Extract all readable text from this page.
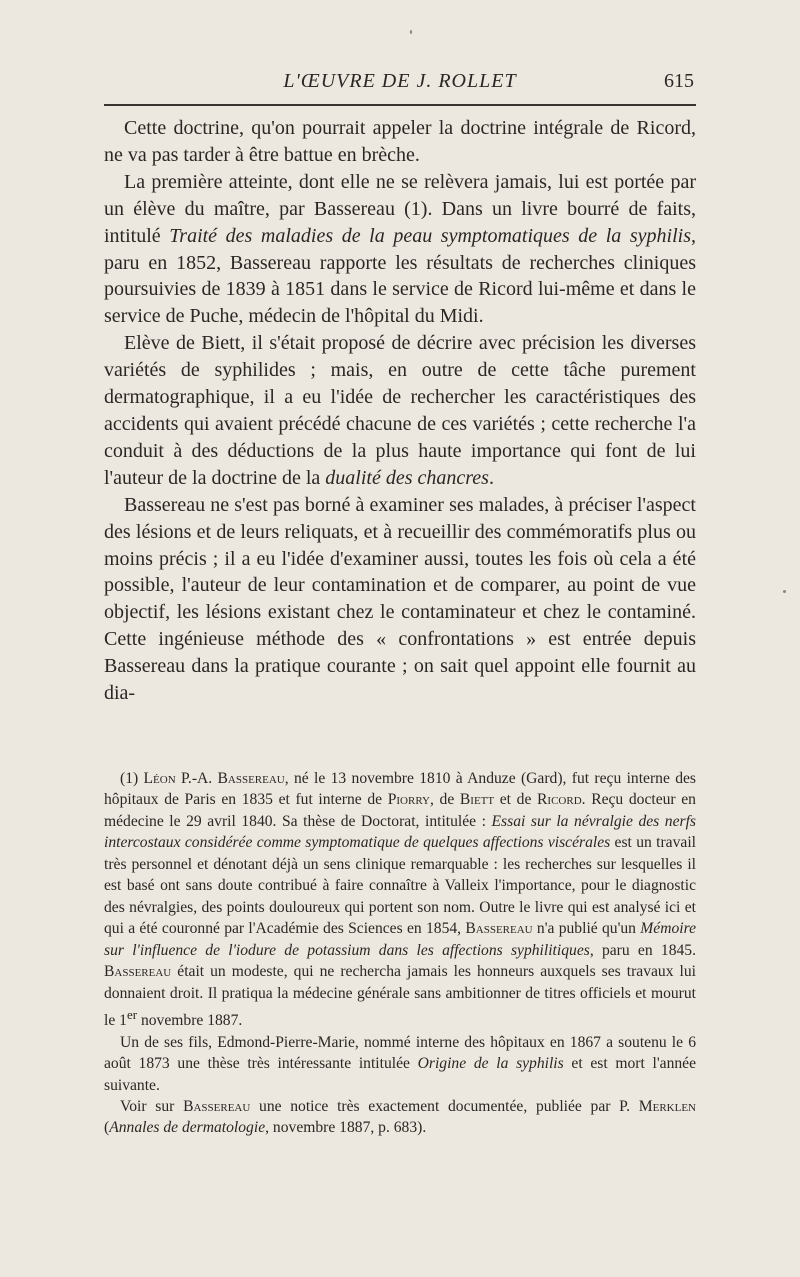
L'ŒUVRE DE J. ROLLET	615

Cette doctrine, qu'on pourrait appeler la doctrine intégrale de Ricord, ne va pas tarder à être battue en brèche.

La première atteinte, dont elle ne se relèvera jamais, lui est portée par un élève du maître, par Bassereau (1). Dans un livre bourré de faits, intitulé Traité des maladies de la peau symptomatiques de la syphilis, paru en 1852, Bassereau rapporte les résultats de recherches cliniques poursuivies de 1839 à 1851 dans le service de Ricord lui-même et dans le service de Puche, médecin de l'hôpital du Midi.

Elève de Biett, il s'était proposé de décrire avec précision les diverses variétés de syphilides ; mais, en outre de cette tâche purement dermatographique, il a eu l'idée de rechercher les caractéristiques des accidents qui avaient précédé chacune de ces variétés ; cette recherche l'a conduit à des déductions de la plus haute importance qui font de lui l'auteur de la doctrine de la dualité des chancres.

Bassereau ne s'est pas borné à examiner ses malades, à préciser l'aspect des lésions et de leurs reliquats, et à recueillir des commémoratifs plus ou moins précis ; il a eu l'idée d'examiner aussi, toutes les fois où cela a été possible, l'auteur de leur contamination et de comparer, au point de vue objectif, les lésions existant chez le contaminateur et chez le contaminé. Cette ingénieuse méthode des « confrontations » est entrée depuis Bassereau dans la pratique courante ; on sait quel appoint elle fournit au dia-

(1) Léon P.-A. Bassereau, né le 13 novembre 1810 à Anduze (Gard), fut reçu interne des hôpitaux de Paris en 1835 et fut interne de Piorry, de Biett et de Ricord. Reçu docteur en médecine le 29 avril 1840. Sa thèse de Doctorat, intitulée : Essai sur la névralgie des nerfs intercostaux considérée comme symptomatique de quelques affections viscérales est un travail très personnel et dénotant déjà un sens clinique remarquable : les recherches sur lesquelles il est basé ont sans doute contribué à faire connaître à Valleix l'importance, pour le diagnostic des névralgies, des points douloureux qui portent son nom. Outre le livre qui est analysé ici et qui a été couronné par l'Académie des Sciences en 1854, Bassereau n'a publié qu'un Mémoire sur l'influence de l'iodure de potassium dans les affections syphilitiques, paru en 1845. Bassereau était un modeste, qui ne rechercha jamais les honneurs auxquels ses travaux lui donnaient droit. Il pratiqua la médecine générale sans ambitionner de titres officiels et mourut le 1er novembre 1887.

Un de ses fils, Edmond-Pierre-Marie, nommé interne des hôpitaux en 1867 a soutenu le 6 août 1873 une thèse très intéressante intitulée Origine de la syphilis et est mort l'année suivante.

Voir sur Bassereau une notice très exactement documentée, publiée par P. Merklen (Annales de dermatologie, novembre 1887, p. 683).
